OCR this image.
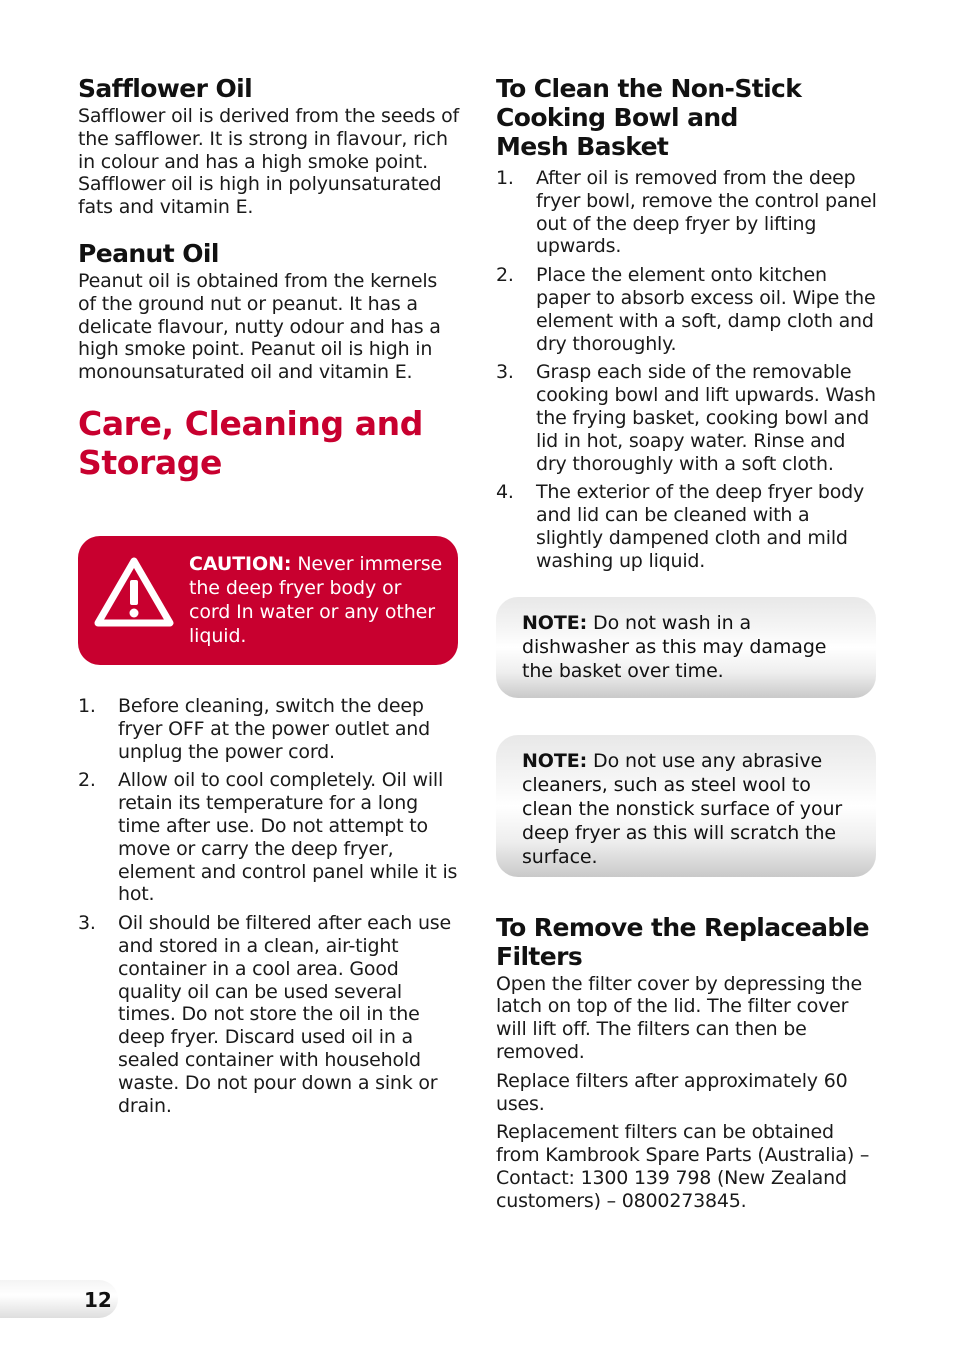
Safflower Oil

Safflower oil is derived from the seeds of the safflower. It is strong in flavour, rich in colour and has a high smoke point. Safflower oil is high in polyunsaturated fats and vitamin E.

Peanut Oil

Peanut oil is obtained from the kernels of the ground nut or peanut. It has a delicate flavour, nutty odour and has a high smoke point. Peanut oil is high in monounsaturated oil and vitamin E.

Care, Cleaning and
Storage
CAUTION: Never immerse the deep fryer body or cord In water or any other liquid.
1.	Before cleaning, switch the deep fryer OFF at the power outlet and unplug the power cord.
2.	Allow oil to cool completely. Oil will retain its temperature for a long time after use. Do not attempt to move or carry the deep fryer, element and control panel while it is hot.
3.	Oil should be filtered after each use and stored in a clean, air-tight container in a cool area. Good quality oil can be used several times. Do not store the oil in the deep fryer. Discard used oil in a sealed container with household waste. Do not pour down a sink or drain.
To Clean the Non-Stick
Cooking Bowl and
Mesh Basket
1.	After oil is removed from the deep fryer bowl, remove the control panel out of the deep fryer by lifting upwards.
2.	Place the element onto kitchen paper to absorb excess oil. Wipe the element with a soft, damp cloth and dry thoroughly.
3.	Grasp each side of the removable cooking bowl and lift upwards. Wash the frying basket, cooking bowl and lid in hot, soapy water. Rinse and dry thoroughly with a soft cloth.
4.	The exterior of the deep fryer body and lid can be cleaned with a slightly dampened cloth and mild washing up liquid.
NOTE: Do not wash in a dishwasher as this may damage the basket over time.
NOTE: Do not use any abrasive cleaners, such as steel wool to clean the nonstick surface of your deep fryer as this will scratch the surface.
To Remove the Replaceable
Filters

Open the filter cover by depressing the latch on top of the lid. The filter cover will lift off. The filters can then be removed.

Replace filters after approximately 60 uses.

Replacement filters can be obtained from Kambrook Spare Parts (Australia) – Contact: 1300 139 798 (New Zealand customers) – 0800273845.

12
